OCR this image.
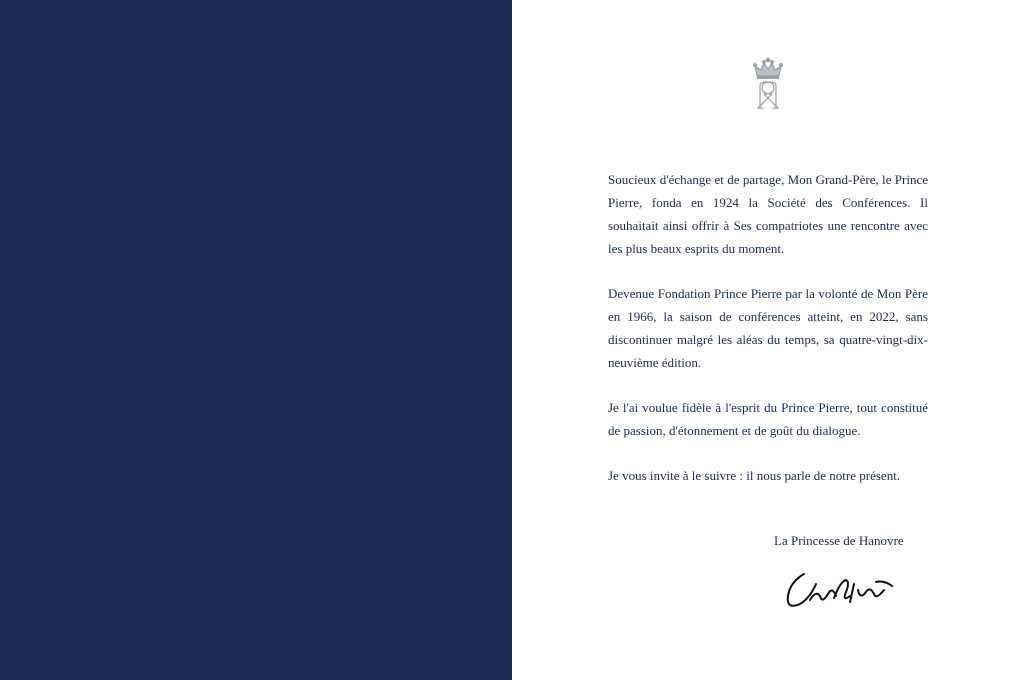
Soucieux d'échange et de partage, Mon Grand-Père, le Prince Pierre, fonda en 1924 la Société des Conférences. Il souhaitait ainsi offrir à Ses compatriotes une rencontre avec les plus beaux esprits du moment.

Devenue Fondation Prince Pierre par la volonté de Mon Père en 1966, la saison de conférences atteint, en 2022, sans discontinuer malgré les aléas du temps, sa quatre-vingt-dix-neuvième édition.

Je l'ai voulue fidèle à l'esprit du Prince Pierre, tout constitué de passion, d'étonnement et de goût du dialogue.

Je vous invite à le suivre : il nous parle de notre présent.

La Princesse de Hanovre
